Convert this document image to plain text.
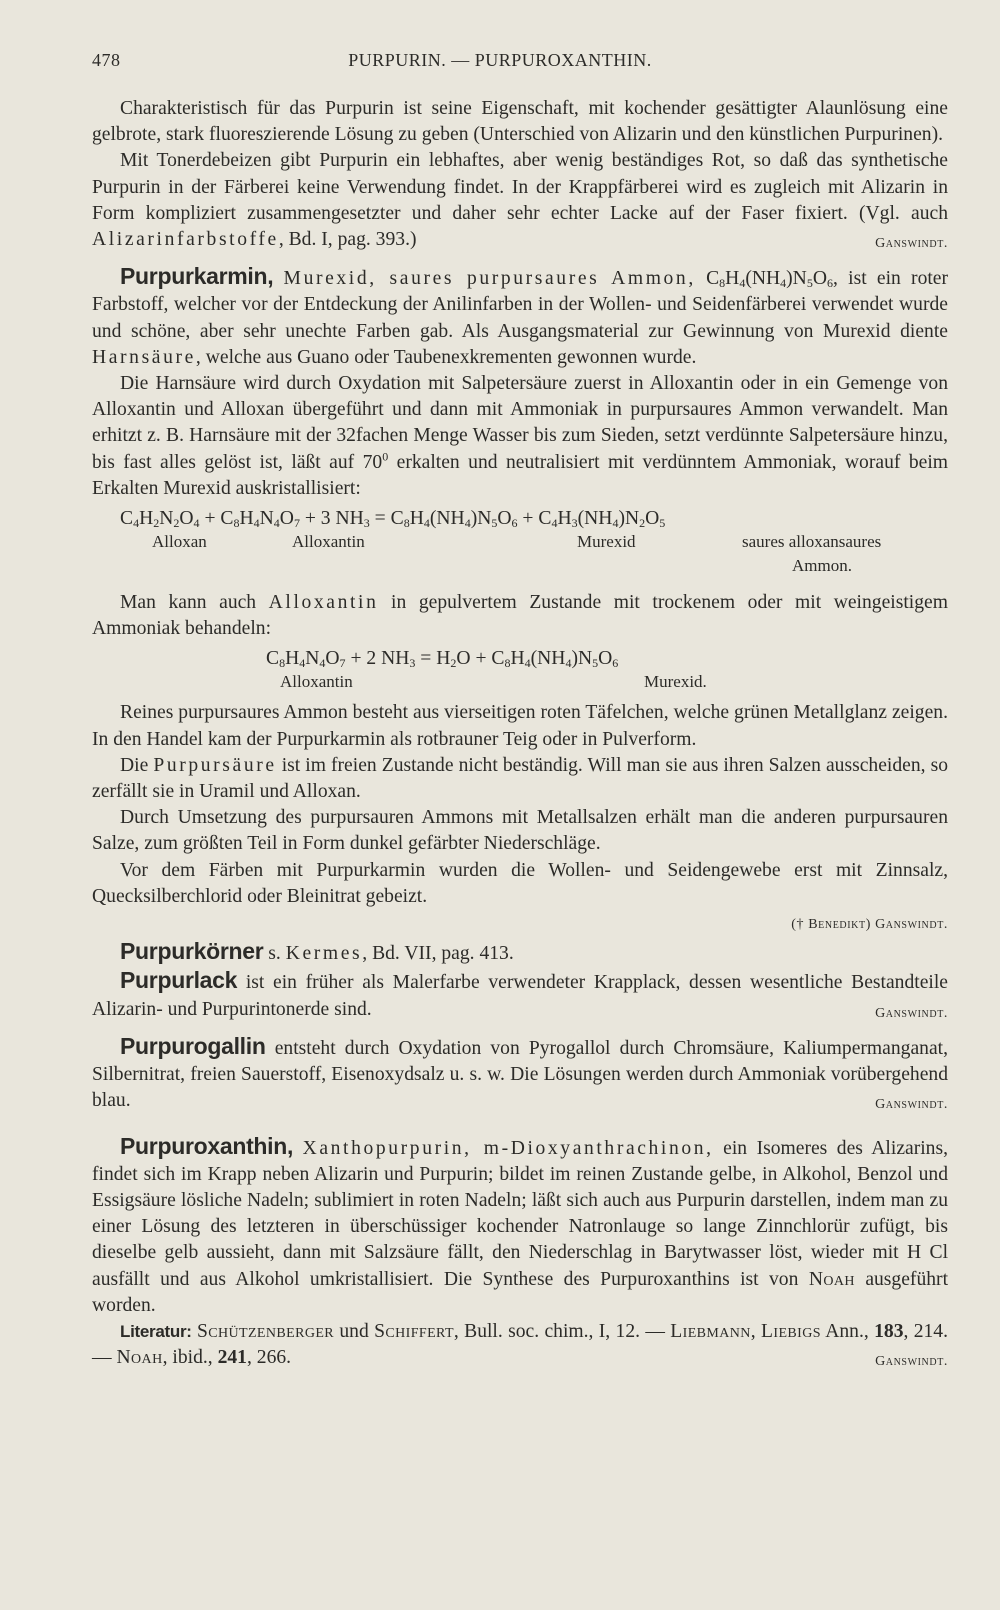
478	PURPURIN. — PURPUROXANTHIN.

Charakteristisch für das Purpurin ist seine Eigenschaft, mit kochender gesättigter Alaunlösung eine gelbrote, stark fluoreszierende Lösung zu geben (Unterschied von Alizarin und den künstlichen Purpurinen).

Mit Tonerdebeizen gibt Purpurin ein lebhaftes, aber wenig beständiges Rot, so daß das synthetische Purpurin in der Färberei keine Verwendung findet. In der Krappfärberei wird es zugleich mit Alizarin in Form kompliziert zusammengesetzter und daher sehr echter Lacke auf der Faser fixiert. (Vgl. auch Alizarinfarbstoffe, Bd. I, pag. 393.)	Ganswindt.

Purpurkarmin, Murexid, saures purpursaures Ammon, $C_8H_4(NH_4)N_5O_6$, ist ein roter Farbstoff, welcher vor der Entdeckung der Anilinfarben in der Wollen- und Seidenfärberei verwendet wurde und schöne, aber sehr unechte Farben gab. Als Ausgangsmaterial zur Gewinnung von Murexid diente Harnsäure, welche aus Guano oder Taubenexkrementen gewonnen wurde.

Die Harnsäure wird durch Oxydation mit Salpetersäure zuerst in Alloxantin oder in ein Gemenge von Alloxantin und Alloxan übergeführt und dann mit Ammoniak in purpursaures Ammon verwandelt. Man erhitzt z. B. Harnsäure mit der 32fachen Menge Wasser bis zum Sieden, setzt verdünnte Salpetersäure hinzu, bis fast alles gelöst ist, läßt auf $70^0$ erkalten und neutralisiert mit verdünntem Ammoniak, worauf beim Erkalten Murexid auskristallisiert:

$C_4H_2N_2O_4 + C_8H_4N_4O_7 + 3$ $NH_3 = C_8H_4(NH_4)N_5O_6 + C_4H_3(NH_4)N_2O_5$
Alloxan	Alloxantin	Murexid	saures alloxansaures
Ammon.

Man kann auch Alloxantin in gepulvertem Zustande mit trockenem oder mit weingeistigem Ammoniak behandeln:

$C_8H_4N_4O_7 + 2$ $NH_3 = H_2O + C_8H_4(NH_4)N_5O_6$
Alloxantin	Murexid.

Reines purpursaures Ammon besteht aus vierseitigen roten Täfelchen, welche grünen Metallglanz zeigen. In den Handel kam der Purpurkarmin als rotbrauner Teig oder in Pulverform.

Die Purpursäure ist im freien Zustande nicht beständig. Will man sie aus ihren Salzen ausscheiden, so zerfällt sie in Uramil und Alloxan.

Durch Umsetzung des purpursauren Ammons mit Metallsalzen erhält man die anderen purpursauren Salze, zum größten Teil in Form dunkel gefärbter Niederschläge.

Vor dem Färben mit Purpurkarmin wurden die Wollen- und Seidengewebe erst mit Zinnsalz, Quecksilberchlorid oder Bleinitrat gebeizt.

(† Benedikt) Ganswindt.

Purpurkörner s. Kermes, Bd. VII, pag. 413.

Purpurlack ist ein früher als Malerfarbe verwendeter Krapplack, dessen wesentliche Bestandteile Alizarin- und Purpurintonerde sind.	Ganswindt.

Purpurogallin entsteht durch Oxydation von Pyrogallol durch Chromsäure, Kaliumpermanganat, Silbernitrat, freien Sauerstoff, Eisenoxydsalz u. s. w. Die Lösungen werden durch Ammoniak vorübergehend blau.	Ganswindt.

Purpuroxanthin, Xanthopurpurin, m-Dioxyanthrachinon, ein Isomeres des Alizarins, findet sich im Krapp neben Alizarin und Purpurin; bildet im reinen Zustande gelbe, in Alkohol, Benzol und Essigsäure lösliche Nadeln; sublimiert in roten Nadeln; läßt sich auch aus Purpurin darstellen, indem man zu einer Lösung des letzteren in überschüssiger kochender Natronlauge so lange Zinnchlorür zufügt, bis dieselbe gelb aussieht, dann mit Salzsäure fällt, den Niederschlag in Barytwasser löst, wieder mit H Cl ausfällt und aus Alkohol umkristallisiert. Die Synthese des Purpuroxanthins ist von Noah ausgeführt worden.

Literatur: Schützenberger und Schiffert, Bull. soc. chim., I, 12. — Liebmann, Liebigs Ann., 183, 214. — Noah, ibid., 241, 266.	Ganswindt.
